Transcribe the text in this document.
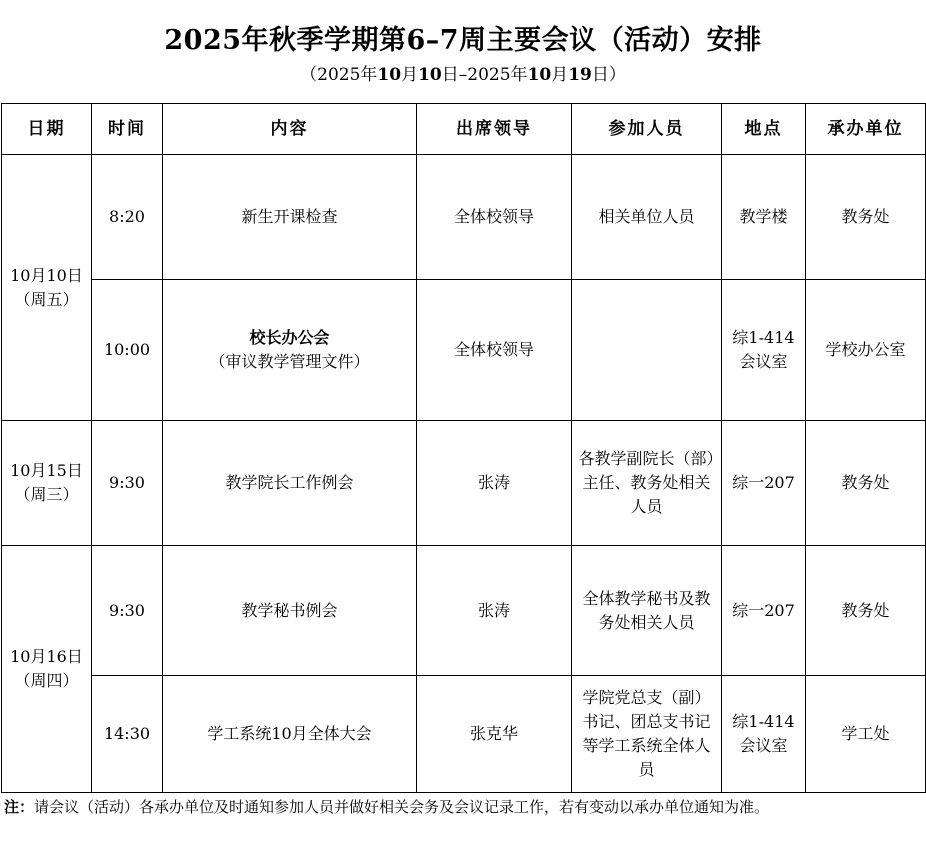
2025年秋季学期第6–7周主要会议（活动）安排
（2025年10月10日–2025年10月19日）
日期	时间	内容	出席领导	参加人员	地点	承办单位

10月10日
（周五）	8:20	新生开课检查	全体校领导	相关单位人员	教学楼	教务处
	10:00	校长办公会
（审议教学管理文件）	全体校领导		综1-414会议室	学校办公室

10月15日
（周三）	9:30	教学院长工作例会	张涛	各教学副院长（部）主任、教务处相关人员	综一207	教务处

10月16日
（周四）	9:30	教学秘书例会	张涛	全体教学秘书及教务处相关人员	综一207	教务处
	14:30	学工系统10月全体大会	张克华	学院党总支（副）书记、团总支书记等学工系统全体人员	综1-414会议室	学工处
注：请会议（活动）各承办单位及时通知参加人员并做好相关会务及会议记录工作，若有变动以承办单位通知为准。
